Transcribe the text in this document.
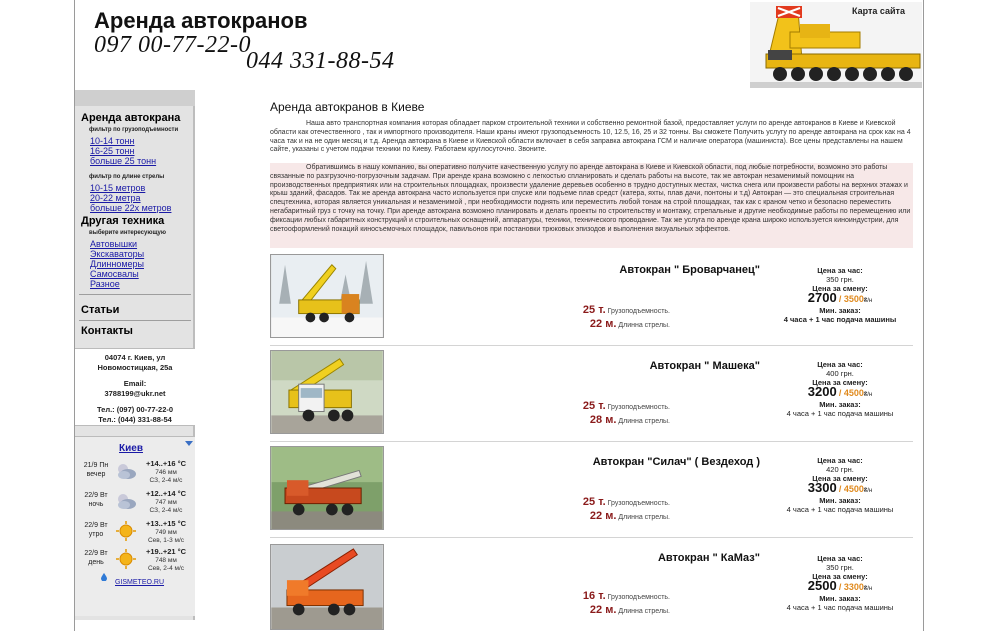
Аренда автокранов
097 00-77-22-0
044 331-88-54
Карта сайта
Аренда автокрана
фильтр по грузоподъемности
10-14 тонн
16-25 тонн
больше 25 тонн
фильтр по длине стрелы
10-15 метров
20-22 метра
больше 22х метров
Другая техника
выберите интересующую
Автовышки
Экскаваторы
Длинномеры
Самосвалы
Разное
Статьи
Контакты
04074 г. Киев, ул
Новомостицкая, 25а
Email:
3788199@ukr.net
Тел.: (097) 00-77-22-0
Тел.: (044) 331-88-54
Киев
21/9 Пн
вечер
+14..+16 °C
746 мм
СЗ, 2-4 м/с
22/9 Вт
ночь
+12..+14 °C
747 мм
СЗ, 2-4 м/с
22/9 Вт
утро
+13..+15 °C
749 мм
Сев, 1-3 м/с
22/9 Вт
день
+19..+21 °C
748 мм
Сев, 2-4 м/с
GISMETEO.RU
Аренда автокранов в Киеве

Наша авто транспортная компания которая обладает парком строительной техники и собственно ремонтной базой, предоставляет услуги по аренде автокранов в Киеве и Киевской области как отечественного , так и импортного производителя. Наши краны имеют грузоподъемность 10, 12.5, 16, 25 и 32 тонны. Вы сможете Получить услугу по аренде автокрана на срок как на 4 часа так и на не один месяц и т.д. Аренда автокрана в Киеве и Киевской области включает в себя заправка автокрана ГСМ и наличие оператора (машиниста). Все цены представлены на нашем сайте, указаны с учетом подачи техники по Киеву. Работаем круглосуточно. Звоните.

Обратившимсь в нашу компанию, вы оперативно получите качественную услугу по аренде автокрана в Киеве и Киевской области, под любые потребности, возможно это работы связанные по разгрузочно-погрузочным задачам. При аренде крана возможно с легкостью спланировать и сделать работы на высоте, так же автокран незаменимый помощник на производственных предприятиях или на строительных площадках, произвести удаление деревьев особенно в трудно доступных местах, чистка снега или произвести работы на верхних этажах и крыш зданий, фасадов. Так же аренда автокрана часто используется при спуске или подъеме плав средст (катера, яхты, плав дачи, понтоны и т.д) Автокран — это специальная строительная спецтехника, которая является уникальная и незаменимой , при необходимости поднять или переместить любой тонаж на строй площадках, так как с краном четко и безопасно переместить негабаритный груз с точку на точку. При аренде автокрана возможно планировать и делать проекты по строительству и монтажу, стрепальные и другие необходимые работы по перемещению или фиксации любых габаритных конструкций и строительных оснащений, аппаратуры, техники, технического проводание. Так же услуга по аренде крана широко используется киноиндустрии, для светооформлений покаций киносъемочных площадок, павильонов при постановки трюковых эпизодов и выполнения визуальных эффектов.

Автокран " Броварчанец"
25 т. Грузоподъемность.
22 м. Длинна стрелы.
Цена за час:
350 грн.
Цена за смену:
2700 / 3500₴/н
Мин. заказ:
4 часа + 1 час подача машины
Автокран " Машека"
25 т. Грузоподъемность.
28 м. Длинна стрелы.
Цена за час:
400 грн.
Цена за смену:
3200 / 4500₴/н
Мин. заказ:
4 часа + 1 час подача машины
Автокран "Силач" ( Вездеход )
25 т. Грузоподъемность.
22 м. Длинна стрелы.
Цена за час:
420 грн.
Цена за смену:
3300 / 4500₴/н
Мин. заказ:
4 часа + 1 час подача машины
Автокран " КаМаз"
16 т. Грузоподъемность.
22 м. Длинна стрелы.
Цена за час:
350 грн.
Цена за смену:
2500 / 3300₴/н
Мин. заказ:
4 часа + 1 час подача машины
